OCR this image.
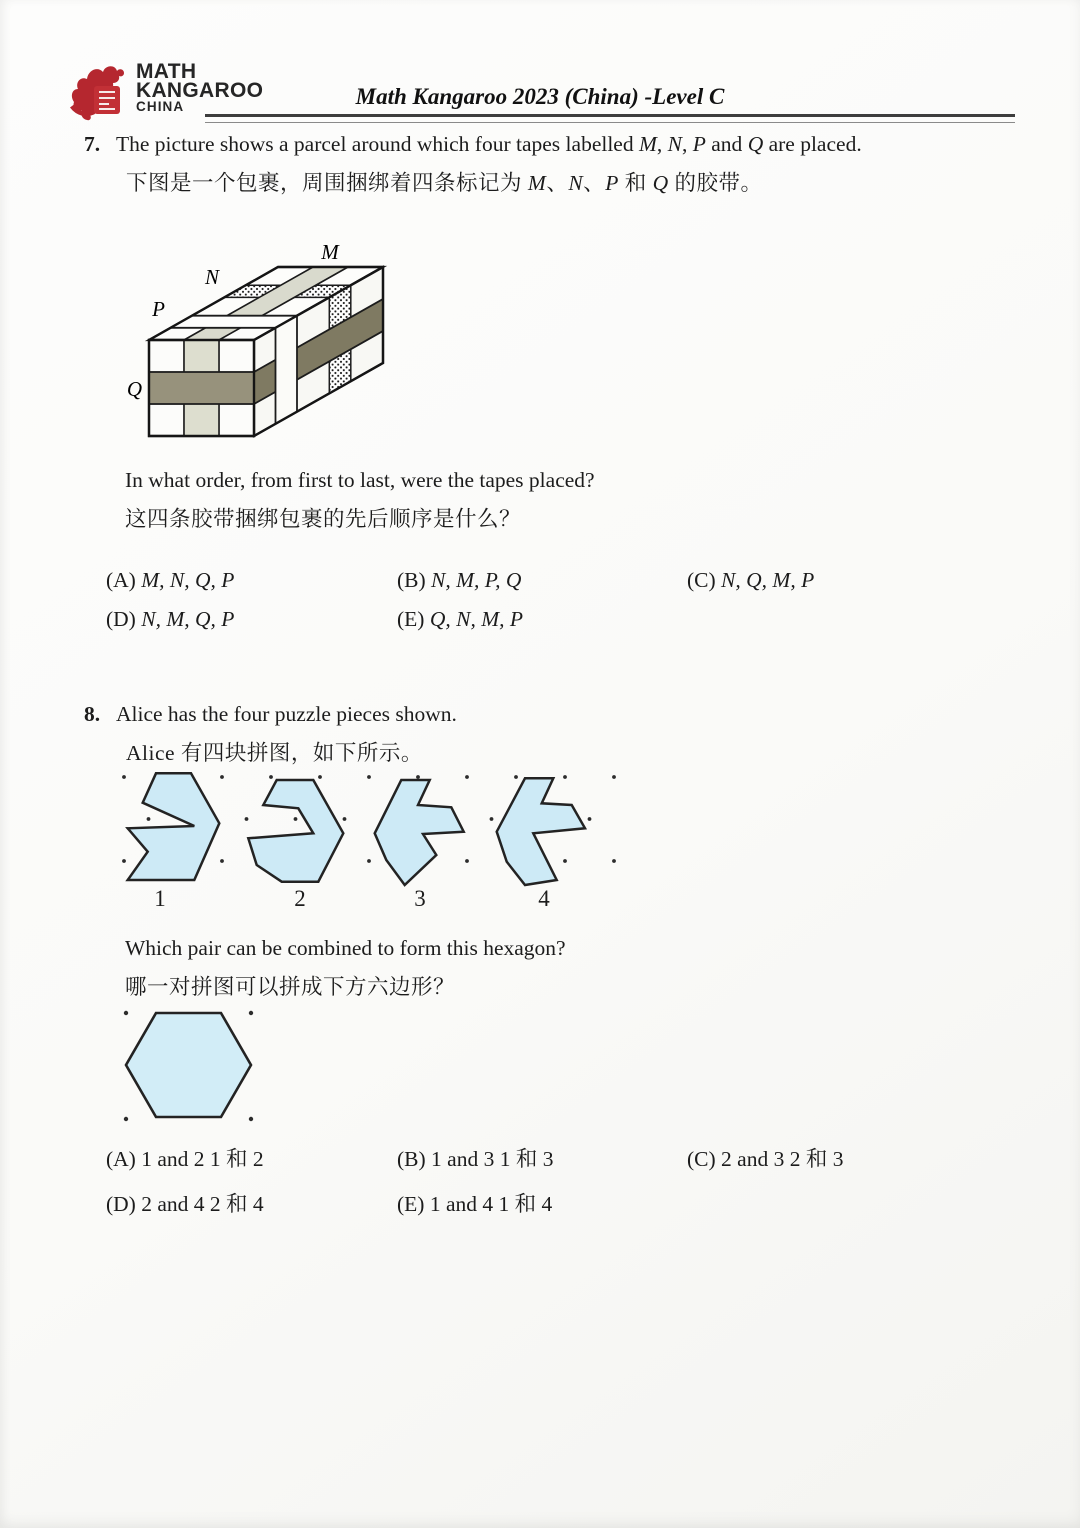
MATH
KANGAROO
CHINA	Math Kangaroo 2023 (China) -Level C
7. The picture shows a parcel around which four tapes labelled M, N, P and Q are placed.
下图是一个包裹，周围捆绑着四条标记为 M、N、P 和 Q 的胶带。
M
N
P
Q
In what order, from first to last, were the tapes placed?
这四条胶带捆绑包裹的先后顺序是什么？
(A) M, N, Q, P	(B) N, M, P, Q	(C) N, Q, M, P
(D) N, M, Q, P	(E) Q, N, M, P
8. Alice has the four puzzle pieces shown.
Alice 有四块拼图，如下所示。
1	2	3	4
Which pair can be combined to form this hexagon?
哪一对拼图可以拼成下方六边形？
(A) 1 and 2 1 和 2	(B) 1 and 3 1 和 3	(C) 2 and 3 2 和 3
(D) 2 and 4 2 和 4	(E) 1 and 4 1 和 4
